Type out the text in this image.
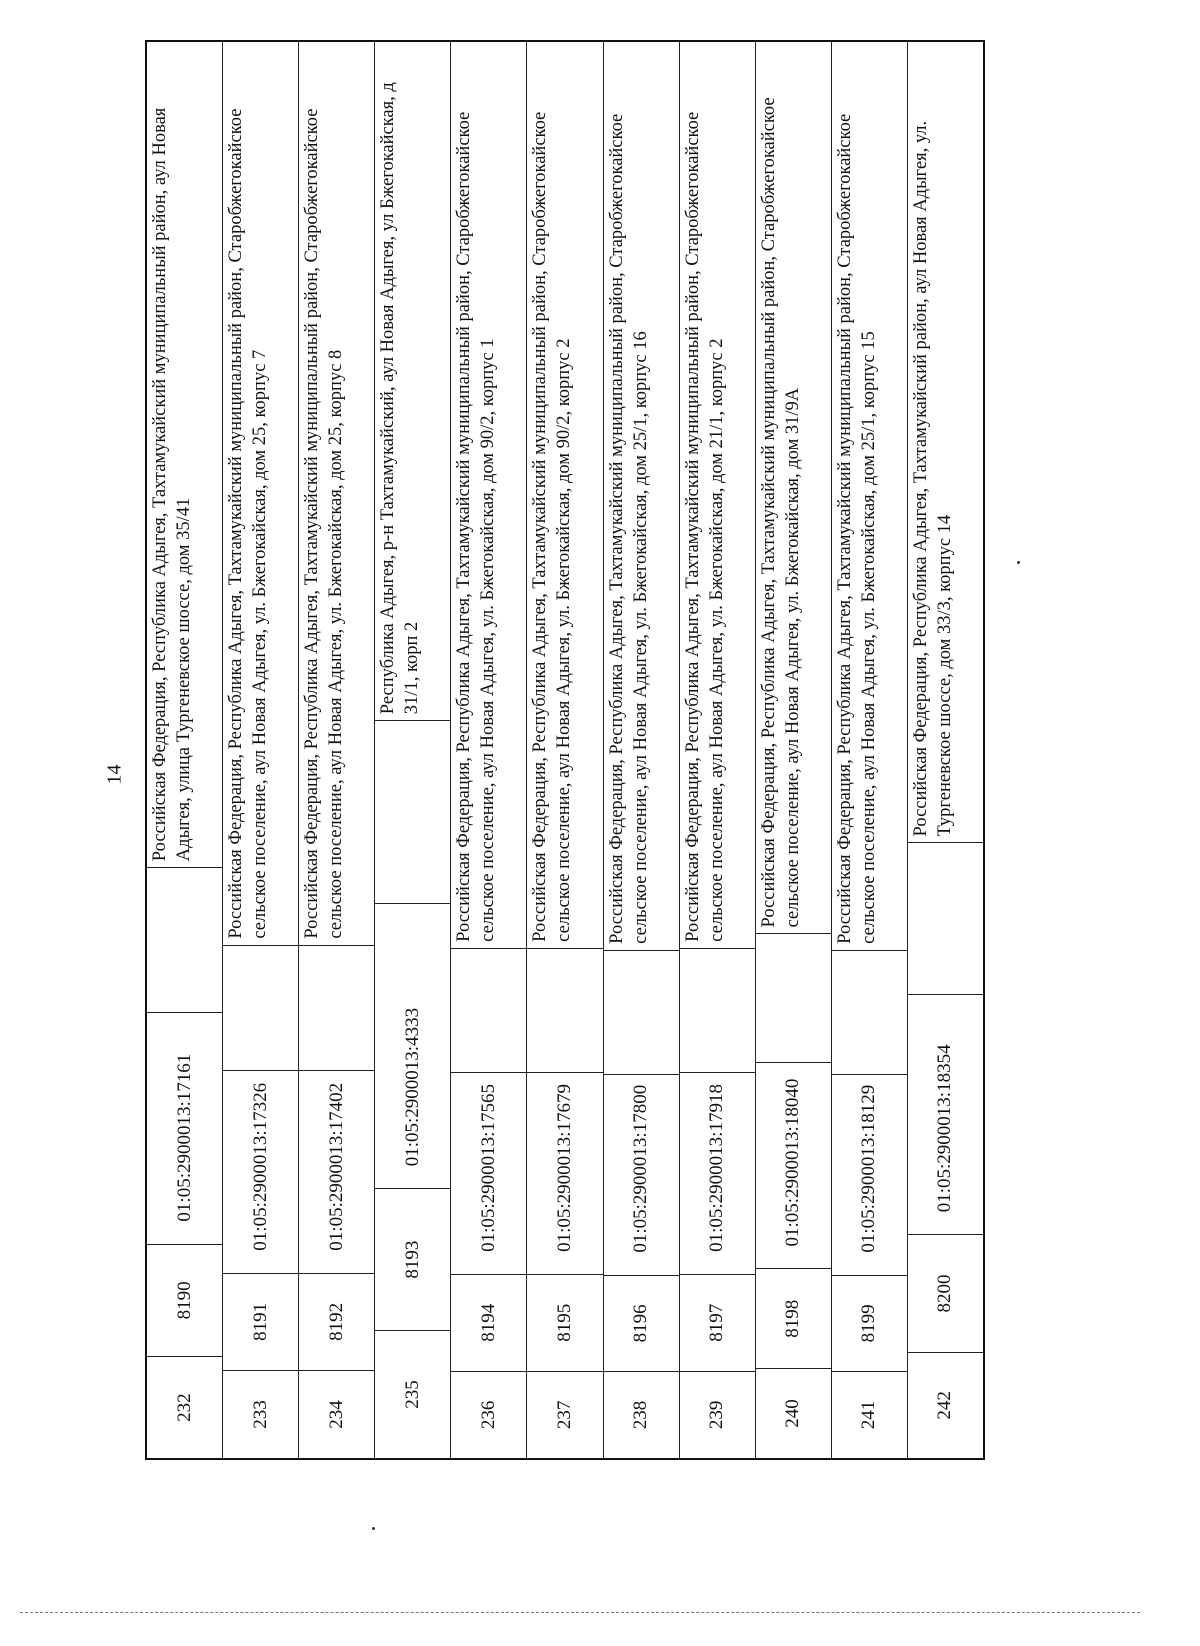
14
232
8190
01:05:2900013:17161
Российская Федерация, Республика Адыгея, Тахтамукайский муниципальный район, аул Новая Адыгея, улица Тургеневское шоссе, дом 35/41
233
8191
01:05:2900013:17326
Российская Федерация, Республика Адыгея, Тахтамукайский муниципальный район, Старобжегокайское сельское поселение, аул Новая Адыгея, ул. Бжегокайская, дом 25, корпус 7
234
8192
01:05:2900013:17402
Российская Федерация, Республика Адыгея, Тахтамукайский муниципальный район, Старобжегокайское сельское поселение, аул Новая Адыгея, ул. Бжегокайская, дом 25, корпус 8
235
8193
01:05:2900013:4333
Республика Адыгея, р-н Тахтамукайский, аул Новая Адыгея, ул Бжегокайская, д 31/1, корп 2
236
8194
01:05:2900013:17565
Российская Федерация, Республика Адыгея, Тахтамукайский муниципальный район, Старобжегокайское сельское поселение, аул Новая Адыгея, ул. Бжегокайская, дом 90/2, корпус 1
237
8195
01:05:2900013:17679
Российская Федерация, Республика Адыгея, Тахтамукайский муниципальный район, Старобжегокайское сельское поселение, аул Новая Адыгея, ул. Бжегокайская, дом 90/2, корпус 2
238
8196
01:05:2900013:17800
Российская Федерация, Республика Адыгея, Тахтамукайский муниципальный район, Старобжегокайское сельское поселение, аул Новая Адыгея, ул. Бжегокайская, дом 25/1, корпус 16
239
8197
01:05:2900013:17918
Российская Федерация, Республика Адыгея, Тахтамукайский муниципальный район, Старобжегокайское сельское поселение, аул Новая Адыгея, ул. Бжегокайская, дом 21/1, корпус 2
240
8198
01:05:2900013:18040
Российская Федерация, Республика Адыгея, Тахтамукайский муниципальный район, Старобжегокайское сельское поселение, аул Новая Адыгея, ул. Бжегокайская, дом 31/9А
241
8199
01:05:2900013:18129
Российская Федерация, Республика Адыгея, Тахтамукайский муниципальный район, Старобжегокайское сельское поселение, аул Новая Адыгея, ул. Бжегокайская, дом 25/1, корпус 15
242
8200
01:05:2900013:18354
Российская Федерация, Республика Адыгея, Тахтамукайский район, аул Новая Адыгея, ул. Тургеневское шоссе, дом 33/3, корпус 14
